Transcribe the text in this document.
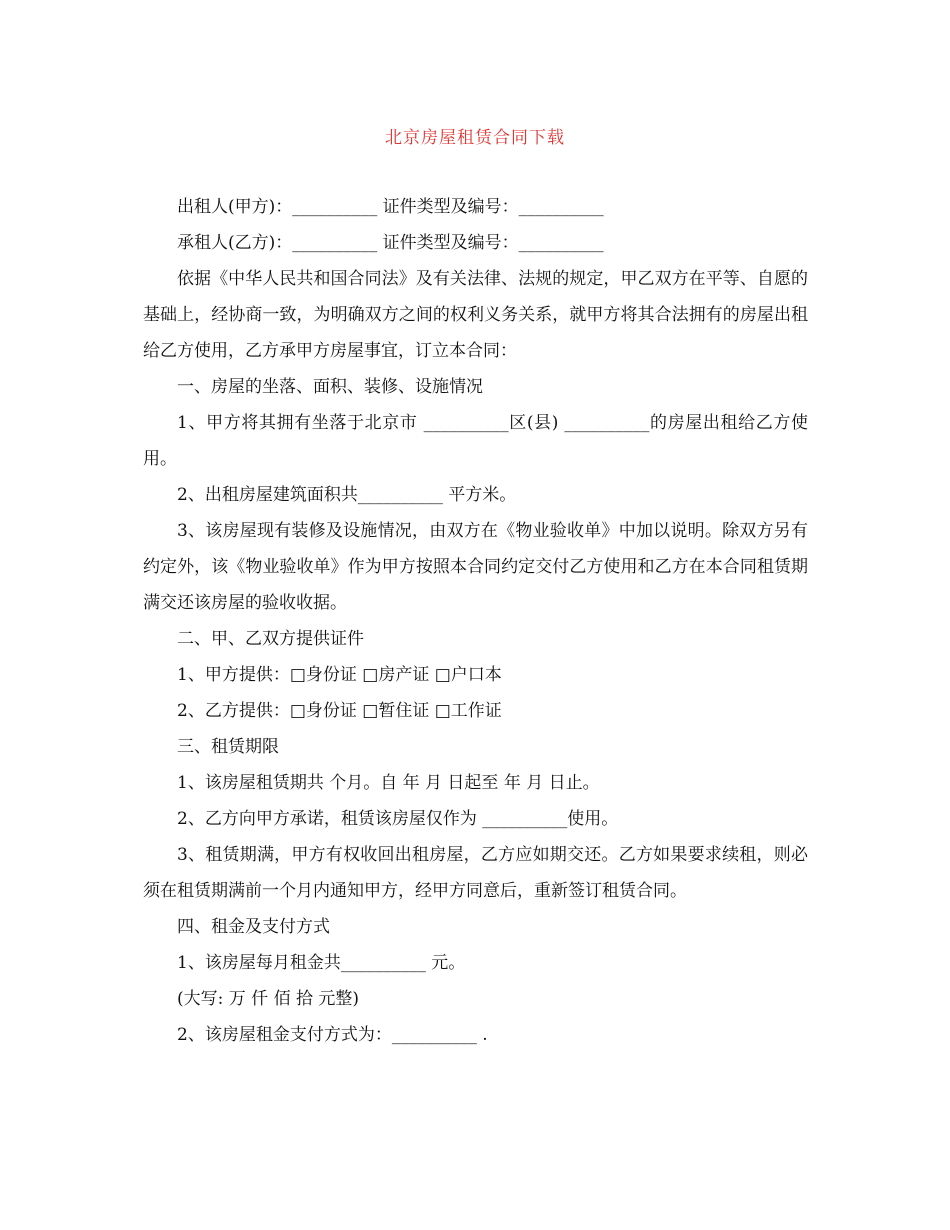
北京房屋租赁合同下载

出租人(甲方)：__________ 证件类型及编号：__________

承租人(乙方)：__________ 证件类型及编号：__________

依据《中华人民共和国合同法》及有关法律、法规的规定，甲乙双方在平等、自愿的基础上，经协商一致，为明确双方之间的权利义务关系，就甲方将其合法拥有的房屋出租给乙方使用，乙方承甲方房屋事宜，订立本合同：

一、房屋的坐落、面积、装修、设施情况

1、甲方将其拥有坐落于北京市 __________区(县) __________的房屋出租给乙方使用。

2、出租房屋建筑面积共__________ 平方米。

3、该房屋现有装修及设施情况，由双方在《物业验收单》中加以说明。除双方另有约定外，该《物业验收单》作为甲方按照本合同约定交付乙方使用和乙方在本合同租赁期满交还该房屋的验收收据。

二、甲、乙双方提供证件

1、甲方提供：□身份证 □房产证 □户口本

2、乙方提供：□身份证 □暂住证 □工作证

三、租赁期限

1、该房屋租赁期共 个月。自 年 月 日起至 年 月 日止。

2、乙方向甲方承诺，租赁该房屋仅作为 __________使用。

3、租赁期满，甲方有权收回出租房屋，乙方应如期交还。乙方如果要求续租，则必须在租赁期满前一个月内通知甲方，经甲方同意后，重新签订租赁合同。

四、租金及支付方式

1、该房屋每月租金共__________ 元。

(大写: 万 仟 佰 拾 元整)

2、该房屋租金支付方式为：__________ .
